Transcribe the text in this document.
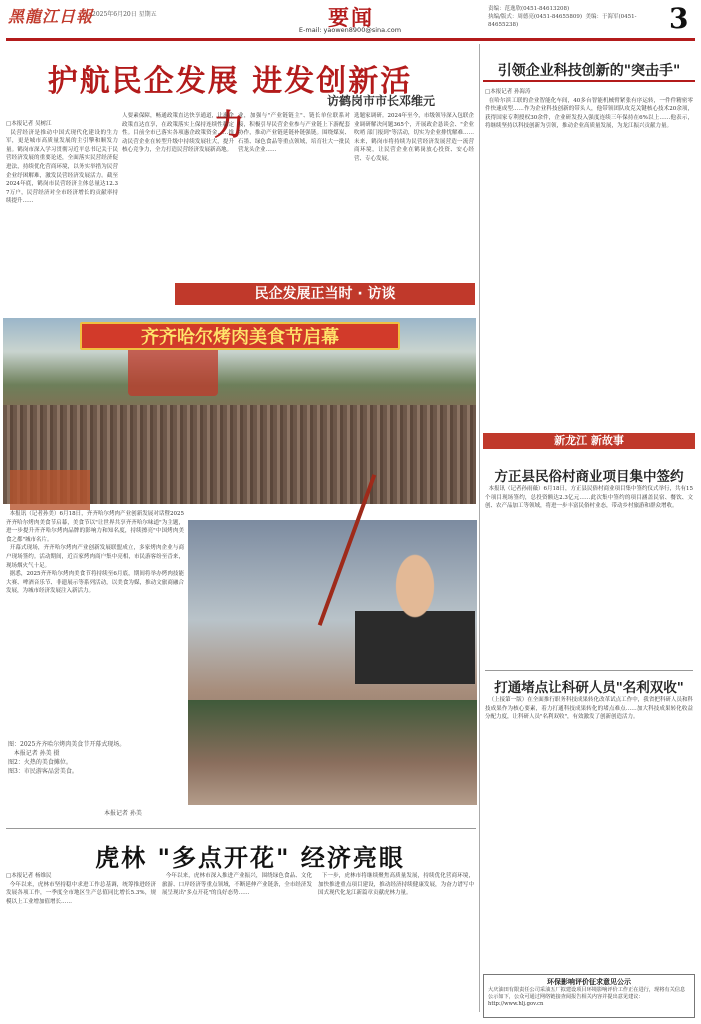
黑龍江日報
2025年6月20日 星期五	要闻
E-mail: yaowen8900@sina.com
责编：范逸欣(0451-84613208)
执编/版式：周德亮(0451-84655809)  美编：于海军(0451-84655238)	3
护航民企发展 进发创新活力
访鹤岗市市长邓维元
□本报记者 吴树江
民营经济是推动中国式现代化建设的生力军，更是城市高质量发展的主引擎和顺发力量。鹤岗市深入学习贯彻习近平总书记关于民营经济发展的重要论述，全面落实民营经济促进法，持续优化营商环境，以务实举措为民营企业纾困解难，激发民营经济发展活力。截至2024年底，鹤岗市民营经济主体总量达12.37万户，民营经济对全市经济增长的贡献率持续提升……
人要素保障，畅通政策直达快享通道，让惠企政策直达直享，在政策落实上保持连续性稳定性。目前全市已落实各项惠企政策资金……推动民营企业在转型升级中持续发展壮大，提升核心竞争力，全力打造民营经济发展新高地。
业，加强与"产业链链主"、链长单位联系对接，积极引导民营企业参与产业链上下游配套协作，推动产业链延链补链强链。围绕煤炭、石墨、绿色食品等重点领域，培育壮大一批民营龙头企业……
选题家调研。2024年至今，市级领导深入包联企业调研解决问题365个，开展政企恳谈会、"企业吹哨 部门报到"等活动，切实为企业排忧解难……未来，鹤岗市将持续为民营经济发展营造一流营商环境，让民营企业在鹤岗放心投资、安心经营、专心发展。
民企发展正当时 · 访谈
齐齐哈尔烤肉美食节启幕
本报讯（记者孙美）6月18日，齐齐哈尔烤肉产业创新发展对话暨2025齐齐哈尔烤肉美食节启幕，美食节以"让世界共享齐齐哈尔味道"为主题，进一步提升齐齐哈尔烤肉品牌的影响力和知名度，持续擦亮"中国烤肉美食之都"城市名片。
开幕式现场，齐齐哈尔烤肉产业创新发展联盟成立，多家烤肉企业与商户现场签约。活动期间，近百家烤肉商户集中亮相，市民游客纷至沓来，现场烟火气十足。
据悉，2025齐齐哈尔烤肉美食节将持续至6月底，期间将举办烤肉技能大赛、啤酒音乐节、非遗展示等系列活动，以美食为媒，推动文旅商融合发展，为城市经济发展注入新活力。
图：2025齐齐哈尔烤肉美食节开幕式现场。
本报记者 孙美 摄
图2：火热的美食摊位。
图3：市民游客品尝美食。
本报记者 孙美
虎林 "多点开花" 经济亮眼
□本报记者 杨维民
今年以来，虎林市坚持稳中求进工作总基调，统筹推进经济发展各项工作，一季度全市地区生产总值同比增长5.3%，规模以上工业增加值增长……
今年以来，虎林市深入推进产业振兴，围绕绿色食品、文化旅游、口岸经济等重点领域，不断延伸产业链条，全市经济发展呈现出"多点开花"的良好态势……
下一步，虎林市将继续聚焦高质量发展，持续优化营商环境，加快推进重点项目建设，推动经济持续健康发展，为奋力谱写中国式现代化龙江新篇章贡献虎林力量。
引领企业科技创新的"突击手"
□本报记者 孙海涛
在哈尔滨工联的企业智能化车间，40多台智能机械臂紧张有序运转，一件件精密零件快速成型……作为企业科技创新的带头人，他带领团队攻克关键核心技术20余项，获得国家专利授权30余件，企业研发投入强度连续三年保持在6%以上……他表示，将继续坚持以科技创新为引领，推动企业高质量发展，为龙江振兴贡献力量。
新龙江 新故事
方正县民俗村商业项目集中签约
本报讯（记者孙雨薇）6月18日，方正县民俗村商业项目集中签约仪式举行，共有15个项目现场签约，总投资额达2.3亿元……此次集中签约的项目涵盖民宿、餐饮、文创、农产品加工等领域，将进一步丰富民俗村业态，带动乡村旅游和群众增收。
打通堵点让科研人员"名利双收"
（上接第一版）在全面推行职务科技成果转化改革试点工作中，我省把科研人员和科技成果作为核心要素，着力打通科技成果转化的堵点难点……加大科技成果转化收益分配力度，让科研人员"名利双收"，有效激发了创新创造活力。
环保影响评价征求意见公示
大庆油田有限责任公司采油五厂拟建设项目环境影响评价工作正在进行，现将有关信息公示如下，公众可通过网络链接查阅报告相关内容并提出意见建议：http://www.hlj.gov.cn
